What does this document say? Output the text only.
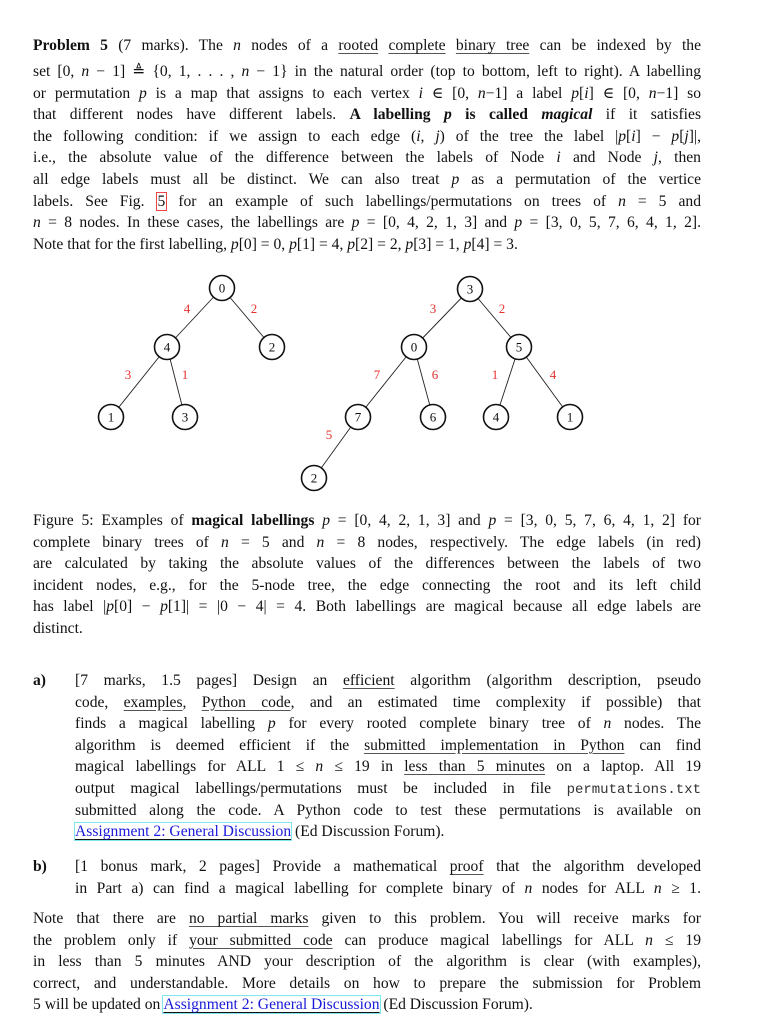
Problem 5 (7 marks). The n nodes of a rooted complete binary tree can be indexed by the
set [0, n − 1] ≜ {0, 1, . . . , n − 1} in the natural order (top to bottom, left to right). A labelling
or permutation p is a map that assigns to each vertex i ∈ [0, n−1] a label p[i] ∈ [0, n−1] so
that different nodes have different labels. A labelling p is called magical if it satisfies
the following condition: if we assign to each edge (i, j) of the tree the label |p[i] − p[j]|,
i.e., the absolute value of the difference between the labels of Node i and Node j, then
all edge labels must all be distinct. We can also treat p as a permutation of the vertice
labels. See Fig. 5 for an example of such labellings/permutations on trees of n = 5 and
n = 8 nodes. In these cases, the labellings are p = [0, 4, 2, 1, 3] and p = [3, 0, 5, 7, 6, 4, 1, 2].
Note that for the first labelling, p[0] = 0, p[1] = 4, p[2] = 2, p[3] = 1, p[4] = 3.
4	2
3	1
0
4	2
1	3
3	2
7	6	1	4
5
3
0	5
7	6	4	1
2
Figure 5: Examples of magical labellings p = [0, 4, 2, 1, 3] and p = [3, 0, 5, 7, 6, 4, 1, 2] for
complete binary trees of n = 5 and n = 8 nodes, respectively. The edge labels (in red)
are calculated by taking the absolute values of the differences between the labels of two
incident nodes, e.g., for the 5-node tree, the edge connecting the root and its left child
has label |p[0] − p[1]| = |0 − 4| = 4. Both labellings are magical because all edge labels are
distinct.
a) [7 marks, 1.5 pages] Design an efficient algorithm (algorithm description, pseudo
code, examples, Python code, and an estimated time complexity if possible) that
finds a magical labelling p for every rooted complete binary tree of n nodes. The
algorithm is deemed efficient if the submitted implementation in Python can find
magical labellings for ALL 1 ≤ n ≤ 19 in less than 5 minutes on a laptop. All 19
output magical labellings/permutations must be included in file permutations.txt
submitted along the code. A Python code to test these permutations is available on
Assignment 2: General Discussion (Ed Discussion Forum).
b) [1 bonus mark, 2 pages] Provide a mathematical proof that the algorithm developed
in Part a) can find a magical labelling for complete binary of n nodes for ALL n ≥ 1.
Note that there are no partial marks given to this problem. You will receive marks for
the problem only if your submitted code can produce magical labellings for ALL n ≤ 19
in less than 5 minutes AND your description of the algorithm is clear (with examples),
correct, and understandable. More details on how to prepare the submission for Problem
5 will be updated on Assignment 2: General Discussion (Ed Discussion Forum).
